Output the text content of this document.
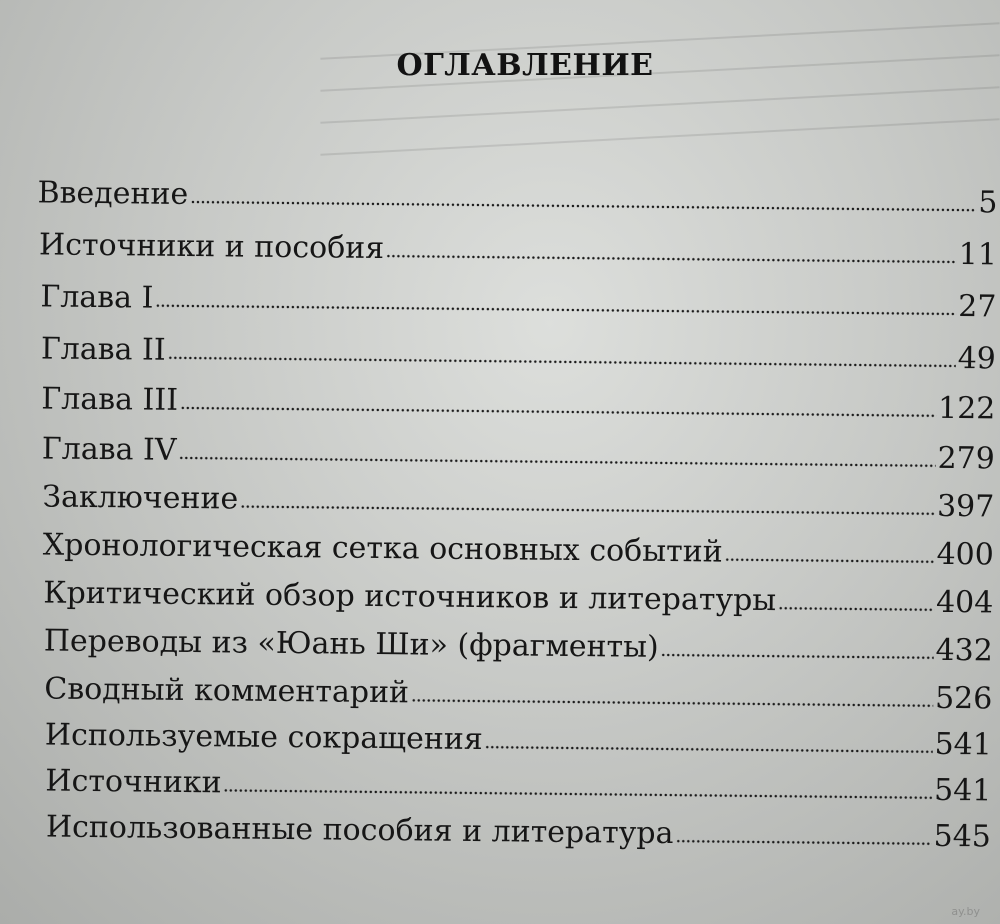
ОГЛАВЛЕНИЕ
Введение	5
Источники и пособия	11
Глава I	27
Глава II	49
Глава III	122
Глава IV	279
Заключение	397
Хронологическая сетка основных событий	400
Критический обзор источников и литературы	404
Переводы из «Юань Ши» (фрагменты)	432
Сводный комментарий	526
Используемые сокращения	541
Источники	541
Использованные пособия и литература	545
ay.by
